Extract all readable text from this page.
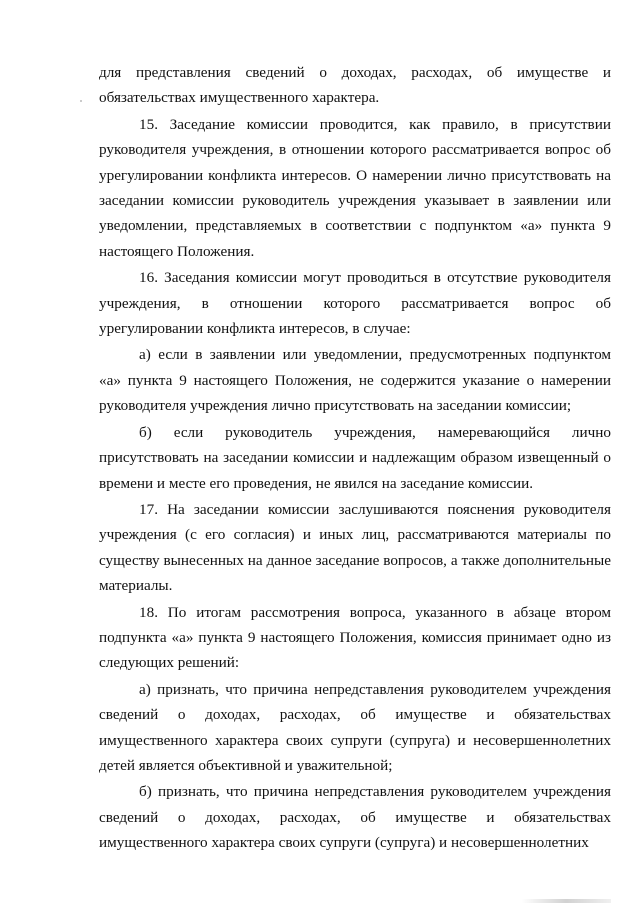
для представления сведений о доходах, расходах, об имуществе и обязательствах имущественного характера.

15. Заседание комиссии проводится, как правило, в присутствии руководителя учреждения, в отношении которого рассматривается вопрос об урегулировании конфликта интересов. О намерении лично присутствовать на заседании комиссии руководитель учреждения указывает в заявлении или уведомлении, представляемых в соответствии с подпунктом «а» пункта 9 настоящего Положения.

16. Заседания комиссии могут проводиться в отсутствие руководителя учреждения, в отношении которого рассматривается вопрос об урегулировании конфликта интересов, в случае:

а) если в заявлении или уведомлении, предусмотренных подпунктом «а» пункта 9 настоящего Положения, не содержится указание о намерении руководителя учреждения лично присутствовать на заседании комиссии;

б) если руководитель учреждения, намеревающийся лично присутствовать на заседании комиссии и надлежащим образом извещенный о времени и месте его проведения, не явился на заседание комиссии.

17. На заседании комиссии заслушиваются пояснения руководителя учреждения (с его согласия) и иных лиц, рассматриваются материалы по существу вынесенных на данное заседание вопросов, а также дополнительные материалы.

18. По итогам рассмотрения вопроса, указанного в абзаце втором подпункта «а» пункта 9 настоящего Положения, комиссия принимает одно из следующих решений:

а) признать, что причина непредставления руководителем учреждения сведений о доходах, расходах, об имуществе и обязательствах имущественного характера своих супруги (супруга) и несовершеннолетних детей является объективной и уважительной;

б) признать, что причина непредставления руководителем учреждения сведений о доходах, расходах, об имуществе и обязательствах имущественного характера своих супруги (супруга) и несовершеннолетних
